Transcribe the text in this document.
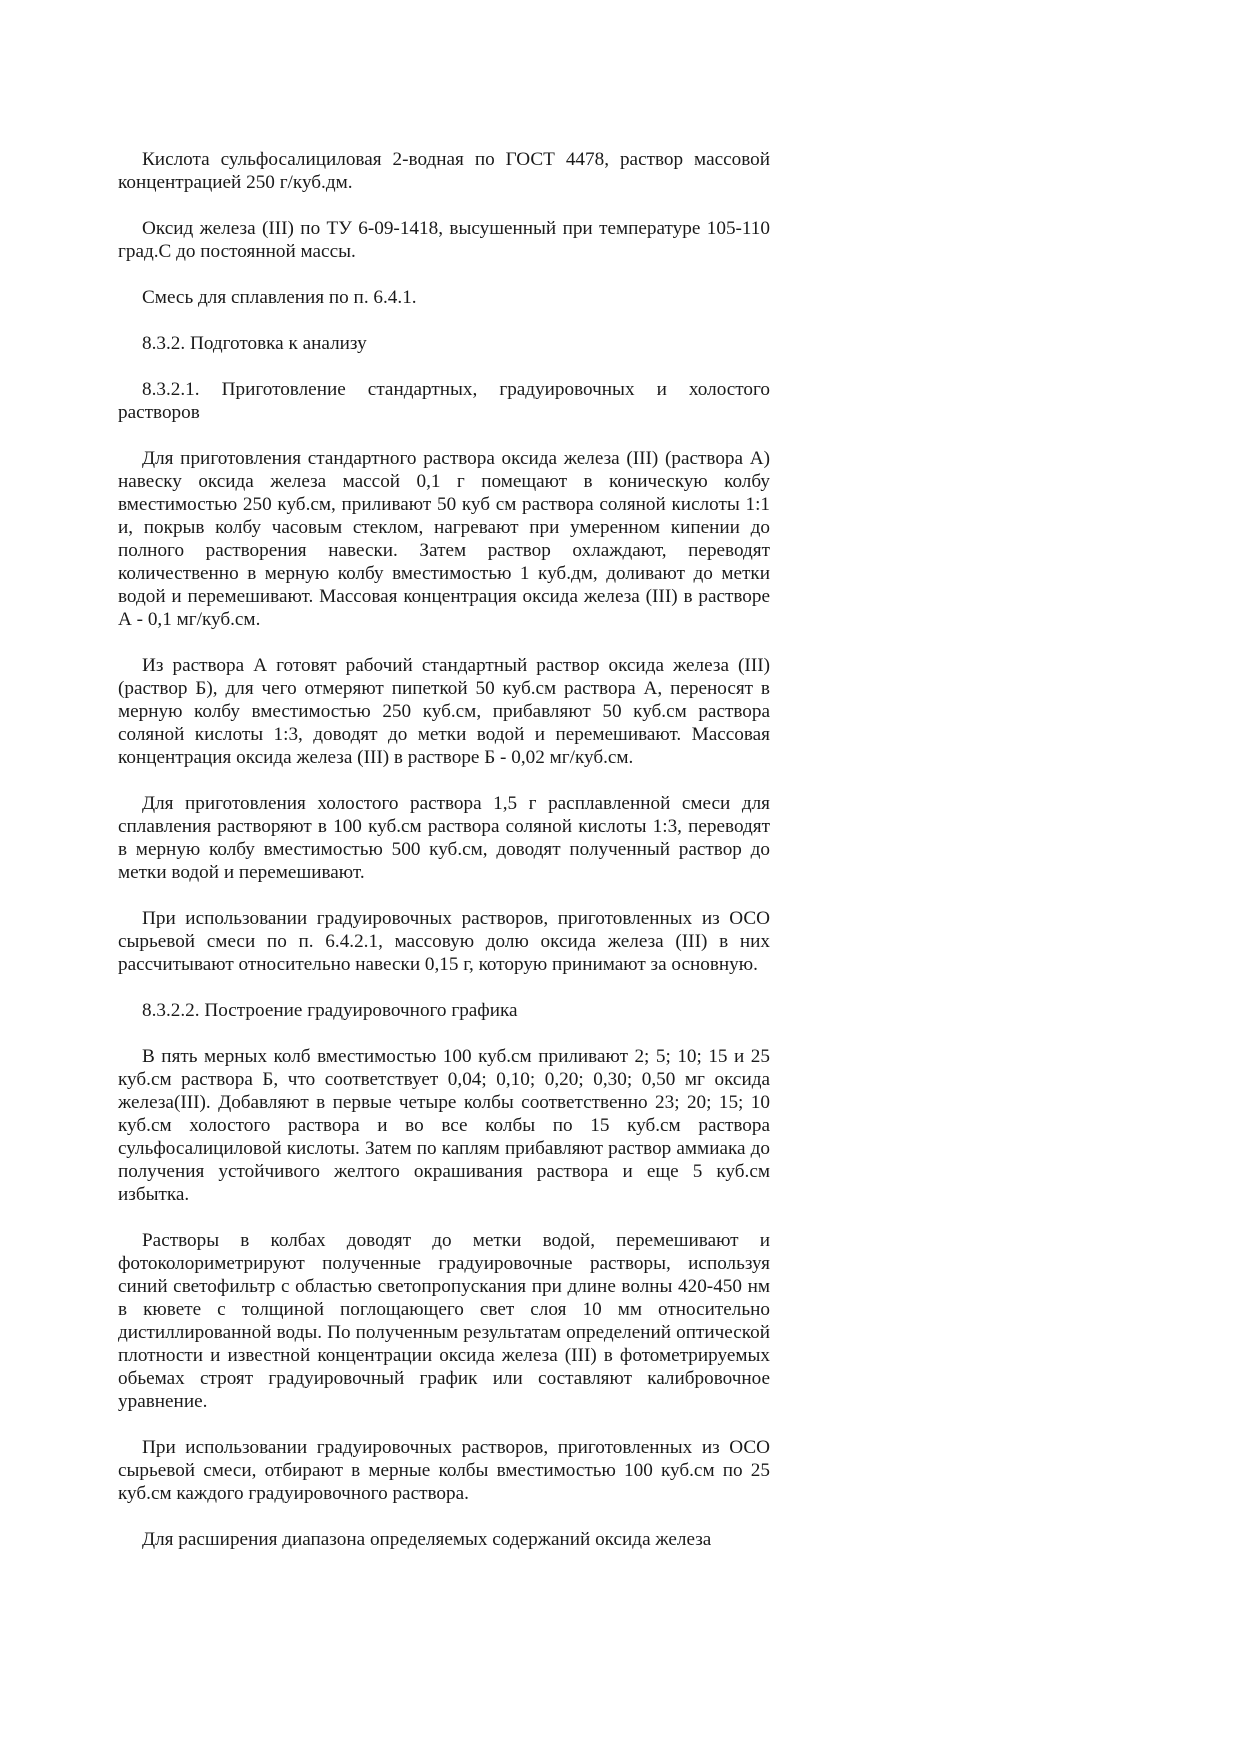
Кислота сульфосалициловая 2-водная по ГОСТ 4478, раствор массовой концентрацией 250 г/куб.дм.

Оксид железа (III) по ТУ 6-09-1418, высушенный при температуре 105-110 град.С до постоянной массы.

Смесь для сплавления по п. 6.4.1.

8.3.2. Подготовка к анализу

8.3.2.1. Приготовление стандартных, градуировочных и холостого растворов

Для приготовления стандартного раствора оксида железа (III) (раствора А) навеску оксида железа массой 0,1 г помещают в коническую колбу вместимостью 250 куб.см, приливают 50 куб см раствора соляной кислоты 1:1 и, покрыв колбу часовым стеклом, нагревают при умеренном кипении до полного растворения навески. Затем раствор охлаждают, переводят количественно в мерную колбу вместимостью 1 куб.дм, доливают до метки водой и перемешивают. Массовая концентрация оксида железа (III) в растворе А - 0,1 мг/куб.см.

Из раствора А готовят рабочий стандартный раствор оксида железа (III) (раствор Б), для чего отмеряют пипеткой 50 куб.см раствора А, переносят в мерную колбу вместимостью 250 куб.см, прибавляют 50 куб.см раствора соляной кислоты 1:3, доводят до метки водой и перемешивают. Массовая концентрация оксида железа (III) в растворе Б - 0,02 мг/куб.см.

Для приготовления холостого раствора 1,5 г расплавленной смеси для сплавления растворяют в 100 куб.см раствора соляной кислоты 1:3, переводят в мерную колбу вместимостью 500 куб.см, доводят полученный раствор до метки водой и перемешивают.

При использовании градуировочных растворов, приготовленных из ОСО сырьевой смеси по п. 6.4.2.1, массовую долю оксида железа (III) в них рассчитывают относительно навески 0,15 г, которую принимают за основную.

8.3.2.2. Построение градуировочного графика

В пять мерных колб вместимостью 100 куб.см приливают 2; 5; 10; 15 и 25 куб.см раствора Б, что соответствует 0,04; 0,10; 0,20; 0,30; 0,50 мг оксида железа(III). Добавляют в первые четыре колбы соответственно 23; 20; 15; 10 куб.см холостого раствора и во все колбы по 15 куб.см раствора сульфосалициловой кислоты. Затем по каплям прибавляют раствор аммиака до получения устойчивого желтого окрашивания раствора и еще 5 куб.см избытка.

Растворы в колбах доводят до метки водой, перемешивают и фотоколориметрируют полученные градуировочные растворы, используя синий светофильтр с областью светопропускания при длине волны 420-450 нм в кювете с толщиной поглощающего свет слоя 10 мм относительно дистиллированной воды. По полученным результатам определений оптической плотности и известной концентрации оксида железа (III) в фотометрируемых обьемах строят градуировочный график или составляют калибровочное уравнение.

При использовании градуировочных растворов, приготовленных из ОСО сырьевой смеси, отбирают в мерные колбы вместимостью 100 куб.см по 25 куб.см каждого градуировочного раствора.

Для расширения диапазона определяемых содержаний оксида железа
